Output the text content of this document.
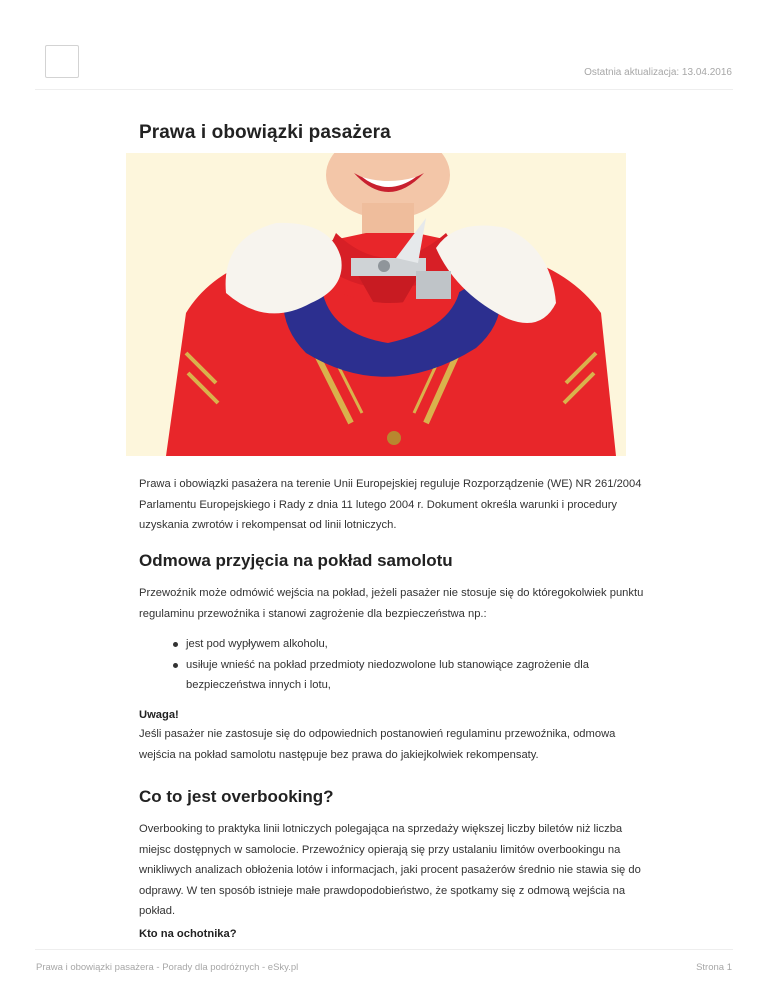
Ostatnia aktualizacja: 13.04.2016
Prawa i obowiązki pasażera

Prawa i obowiązki pasażera na terenie Unii Europejskiej reguluje Rozporządzenie (WE) NR 261/2004 Parlamentu Europejskiego i Rady z dnia 11 lutego 2004 r. Dokument określa warunki i procedury uzyskania zwrotów i rekompensat od linii lotniczych.

Odmowa przyjęcia na pokład samolotu

Przewoźnik może odmówić wejścia na pokład, jeżeli pasażer nie stosuje się do któregokolwiek punktu regulaminu przewoźnika i stanowi zagrożenie dla bezpieczeństwa np.:

jest pod wypływem alkoholu,
usiłuje wnieść na pokład przedmioty niedozwolone lub stanowiące zagrożenie dla bezpieczeństwa innych i lotu,

Uwaga!

Jeśli pasażer nie zastosuje się do odpowiednich postanowień regulaminu przewoźnika, odmowa wejścia na pokład samolotu następuje bez prawa do jakiejkolwiek rekompensaty.

Co to jest overbooking?

Overbooking to praktyka linii lotniczych polegająca na sprzedaży większej liczby biletów niż liczba miejsc dostępnych w samolocie. Przewoźnicy opierają się przy ustalaniu limitów overbookingu na wnikliwych analizach obłożenia lotów i informacjach, jaki procent pasażerów średnio nie stawia się do odprawy. W ten sposób istnieje małe prawdopodobieństwo, że spotkamy się z odmową wejścia na pokład.

Kto na ochotnika?

Prawa i obowiązki pasażera - Porady dla podróżnych - eSky.pl	Strona 1
